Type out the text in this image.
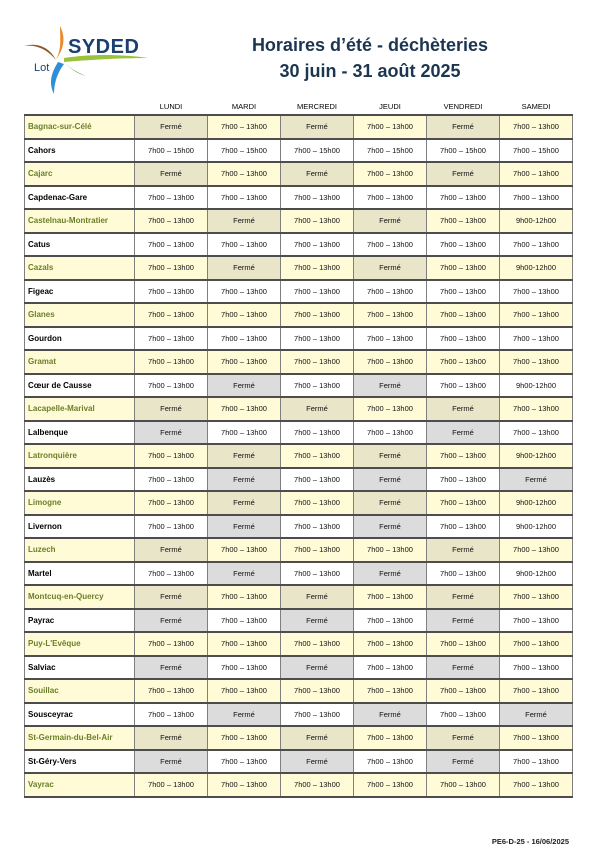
SYDED
Lot
Horaires d’été - déchèteries
30 juin - 31 août 2025
	LUNDI	MARDI	MERCREDI	JEUDI	VENDREDI	SAMEDI
Bagnac-sur-Célé	Fermé	7h00 – 13h00	Fermé	7h00 – 13h00	Fermé	7h00 – 13h00
Cahors	7h00 – 15h00	7h00 – 15h00	7h00 – 15h00	7h00 – 15h00	7h00 – 15h00	7h00 – 15h00
Cajarc	Fermé	7h00 – 13h00	Fermé	7h00 – 13h00	Fermé	7h00 – 13h00
Capdenac-Gare	7h00 – 13h00	7h00 – 13h00	7h00 – 13h00	7h00 – 13h00	7h00 – 13h00	7h00 – 13h00
Castelnau-Montratier	7h00 – 13h00	Fermé	7h00 – 13h00	Fermé	7h00 – 13h00	9h00-12h00
Catus	7h00 – 13h00	7h00 – 13h00	7h00 – 13h00	7h00 – 13h00	7h00 – 13h00	7h00 – 13h00
Cazals	7h00 – 13h00	Fermé	7h00 – 13h00	Fermé	7h00 – 13h00	9h00-12h00
Figeac	7h00 – 13h00	7h00 – 13h00	7h00 – 13h00	7h00 – 13h00	7h00 – 13h00	7h00 – 13h00
Glanes	7h00 – 13h00	7h00 – 13h00	7h00 – 13h00	7h00 – 13h00	7h00 – 13h00	7h00 – 13h00
Gourdon	7h00 – 13h00	7h00 – 13h00	7h00 – 13h00	7h00 – 13h00	7h00 – 13h00	7h00 – 13h00
Gramat	7h00 – 13h00	7h00 – 13h00	7h00 – 13h00	7h00 – 13h00	7h00 – 13h00	7h00 – 13h00
Cœur de Causse	7h00 – 13h00	Fermé	7h00 – 13h00	Fermé	7h00 – 13h00	9h00-12h00
Lacapelle-Marival	Fermé	7h00 – 13h00	Fermé	7h00 – 13h00	Fermé	7h00 – 13h00
Lalbenque	Fermé	7h00 – 13h00	7h00 – 13h00	7h00 – 13h00	Fermé	7h00 – 13h00
Latronquière	7h00 – 13h00	Fermé	7h00 – 13h00	Fermé	7h00 – 13h00	9h00-12h00
Lauzès	7h00 – 13h00	Fermé	7h00 – 13h00	Fermé	7h00 – 13h00	Fermé
Limogne	7h00 – 13h00	Fermé	7h00 – 13h00	Fermé	7h00 – 13h00	9h00-12h00
Livernon	7h00 – 13h00	Fermé	7h00 – 13h00	Fermé	7h00 – 13h00	9h00-12h00
Luzech	Fermé	7h00 – 13h00	7h00 – 13h00	7h00 – 13h00	Fermé	7h00 – 13h00
Martel	7h00 – 13h00	Fermé	7h00 – 13h00	Fermé	7h00 – 13h00	9h00-12h00
Montcuq-en-Quercy	Fermé	7h00 – 13h00	Fermé	7h00 – 13h00	Fermé	7h00 – 13h00
Payrac	Fermé	7h00 – 13h00	Fermé	7h00 – 13h00	Fermé	7h00 – 13h00
Puy-L'Evêque	7h00 – 13h00	7h00 – 13h00	7h00 – 13h00	7h00 – 13h00	7h00 – 13h00	7h00 – 13h00
Salviac	Fermé	7h00 – 13h00	Fermé	7h00 – 13h00	Fermé	7h00 – 13h00
Souillac	7h00 – 13h00	7h00 – 13h00	7h00 – 13h00	7h00 – 13h00	7h00 – 13h00	7h00 – 13h00
Sousceyrac	7h00 – 13h00	Fermé	7h00 – 13h00	Fermé	7h00 – 13h00	Fermé
St-Germain-du-Bel-Air	Fermé	7h00 – 13h00	Fermé	7h00 – 13h00	Fermé	7h00 – 13h00
St-Géry-Vers	Fermé	7h00 – 13h00	Fermé	7h00 – 13h00	Fermé	7h00 – 13h00
Vayrac	7h00 – 13h00	7h00 – 13h00	7h00 – 13h00	7h00 – 13h00	7h00 – 13h00	7h00 – 13h00
PE6-D-25 - 16/06/2025
